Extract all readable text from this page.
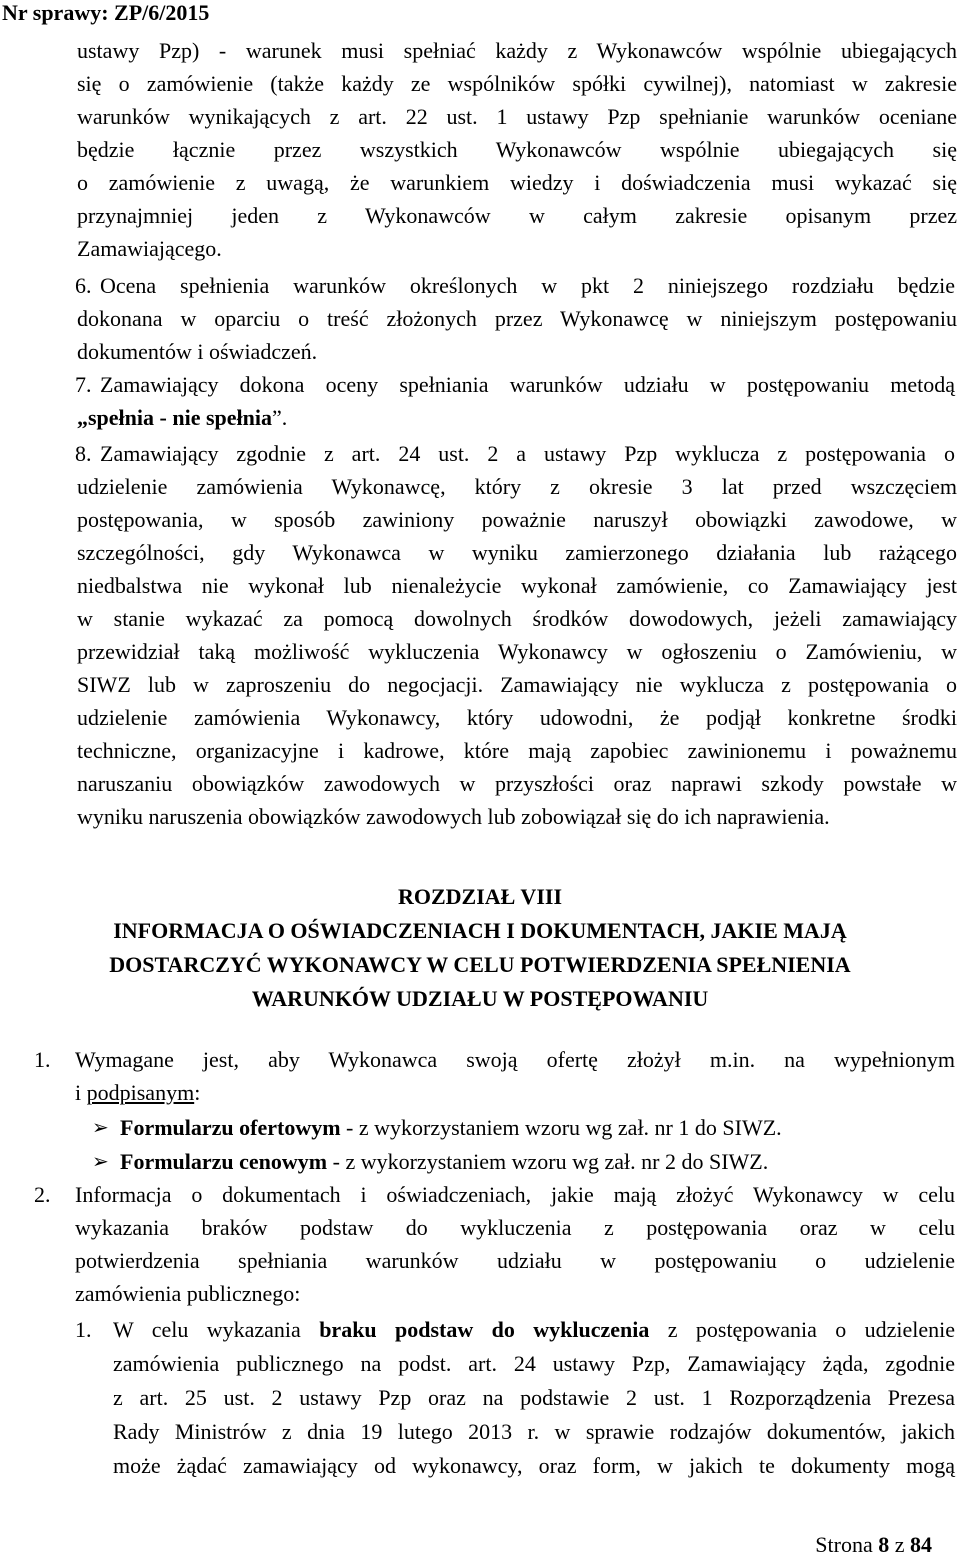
Nr sprawy: ZP/6/2015
ustawy Pzp) - warunek musi spełniać każdy z Wykonawców wspólnie ubiegających
się o zamówienie (także każdy ze wspólników spółki cywilnej), natomiast w zakresie
warunków wynikających z art. 22 ust. 1 ustawy Pzp spełnianie warunków oceniane
będzie łącznie przez wszystkich Wykonawców wspólnie ubiegających się
o zamówienie z uwagą, że warunkiem wiedzy i doświadczenia musi wykazać się
przynajmniej jeden z Wykonawców w całym zakresie opisanym przez
Zamawiającego.
6. Ocena spełnienia warunków określonych w pkt 2 niniejszego rozdziału będzie
dokonana w oparciu o treść złożonych przez Wykonawcę w niniejszym postępowaniu
dokumentów i oświadczeń.
7. Zamawiający dokona oceny spełniania warunków udziału w postępowaniu metodą
„spełnia - nie spełnia”.
8. Zamawiający zgodnie z art. 24 ust. 2 a ustawy Pzp wyklucza z postępowania o
udzielenie zamówienia Wykonawcę, który z okresie 3 lat przed wszczęciem
postępowania, w sposób zawiniony poważnie naruszył obowiązki zawodowe, w
szczególności, gdy Wykonawca w wyniku zamierzonego działania lub rażącego
niedbalstwa nie wykonał lub nienależycie wykonał zamówienie, co Zamawiający jest
w stanie wykazać za pomocą dowolnych środków dowodowych, jeżeli zamawiający
przewidział taką możliwość wykluczenia Wykonawcy w ogłoszeniu o Zamówieniu, w
SIWZ lub w zaproszeniu do negocjacji. Zamawiający nie wyklucza z postępowania o
udzielenie zamówienia Wykonawcy, który udowodni, że podjął konkretne środki
techniczne, organizacyjne i kadrowe, które mają zapobiec zawinionemu i poważnemu
naruszaniu obowiązków zawodowych w przyszłości oraz naprawi szkody powstałe w
wyniku naruszenia obowiązków zawodowych lub zobowiązał się do ich naprawienia.
ROZDZIAŁ VIII
INFORMACJA O OŚWIADCZENIACH I DOKUMENTACH, JAKIE MAJĄ
DOSTARCZYĆ WYKONAWCY W CELU POTWIERDZENIA SPEŁNIENIA
WARUNKÓW UDZIAŁU W POSTĘPOWANIU
1. Wymagane jest, aby Wykonawca swoją ofertę złożył m.in. na wypełnionym
i podpisanym:
➢ Formularzu ofertowym - z wykorzystaniem wzoru wg zał. nr 1 do SIWZ.
➢ Formularzu cenowym - z wykorzystaniem wzoru wg zał. nr 2 do SIWZ.
2. Informacja o dokumentach i oświadczeniach, jakie mają złożyć Wykonawcy w celu
wykazania braków podstaw do wykluczenia z postępowania oraz w celu
potwierdzenia spełniania warunków udziału w postępowaniu o udzielenie
zamówienia publicznego:
1. W celu wykazania braku podstaw do wykluczenia z postępowania o udzielenie
zamówienia publicznego na podst. art. 24 ustawy Pzp, Zamawiający żąda, zgodnie
z art. 25 ust. 2 ustawy Pzp oraz na podstawie 2 ust. 1 Rozporządzenia Prezesa
Rady Ministrów z dnia 19 lutego 2013 r. w sprawie rodzajów dokumentów, jakich
może żądać zamawiający od wykonawcy, oraz form, w jakich te dokumenty mogą
Strona 8 z 84
